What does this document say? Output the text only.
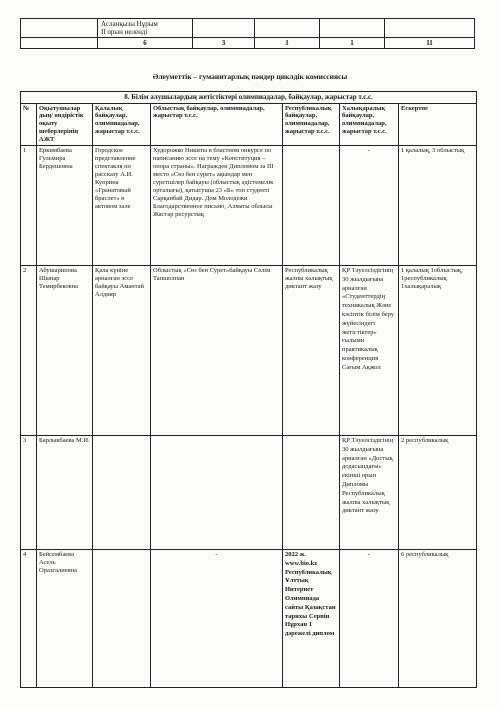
	Асланқызы Нұрым
II орын иеленді				
	6	3	1	1	11
Әлеуметтік – гуманитарлық пәндер циклдік комиссиясы
8. Білім алушылардың жетістіктері олимпиадалар, байқаулар, жарыстар т.с.с.						
№	Оқытушылар дың/ өндірістік оқыту шеберлерінің АЖТ	Қалалық байқаулар, олимпиадалар, жарыстар т.с.с.	Облыстық байқаулар, олимпиадалар, жарыстар т.с.с.	Республикалық байқаулар, олимпиадалар, жарыстар т.с.с.	Халықаралық байқаулар, олимпиадалар, жарыстар т.с.с.	Ескертпе
1	Еркимбаева Гульмира Бердешовна	Городское представление спектакля по рассказу А.И. Куприна «Гранатовый браслет» в актовом зале	Худорожко Никиты в бластном онкурсе по написанию эссе на тему «Конституция – опора страны». Награжден Дипломом за III место «Сөз бен сурет» ақындар мен суретшілер байқауы (облыстық әдістемелік орталығы), қатысушы 23 «Б» топ студенті Сарқанбай Дидар. Дом Молодежи Благодарственное письмо, Алматы облысы Жастар ресурстық		-	1 қалалық, 3 облыстық
2	Абушарипова Шынар Темирбековна	Қала күніне арналған эссе байқауы Амантай Алдияр	Облыстық «Сөз бен Сурет»байқауы Сәлім Таншолпан	Республикалық жалпы халықтық диктант жазу	ҚР Тәуелсіздігінің 30 жылдығына арналған «Студенттердің техникалық Және кәсіптік білім беру жүйесіндегі жетістіктер» ғылыми практикалық конференция Сағым Ақжол	1 қалалық 1облыстық, 1республикалық 1халықаралық
3	Барлыкбаева М.И.				ҚР Тәуелсіздігінің 30 жылдығына арналған «Достық додасындағы» екінші орын Дипломы Республикалық жалпы халықтық диктант жазу	2 республикалық
4	Бейсембаева Асель Оразгалиевна		-	2022 ж. www.bio.kz Республикалық Ұлттық Интернет Олимпиада сайты Қазақстан тарихы Серпін Нұрхан 1 дәрежелі диплом	-	6 республикалық
